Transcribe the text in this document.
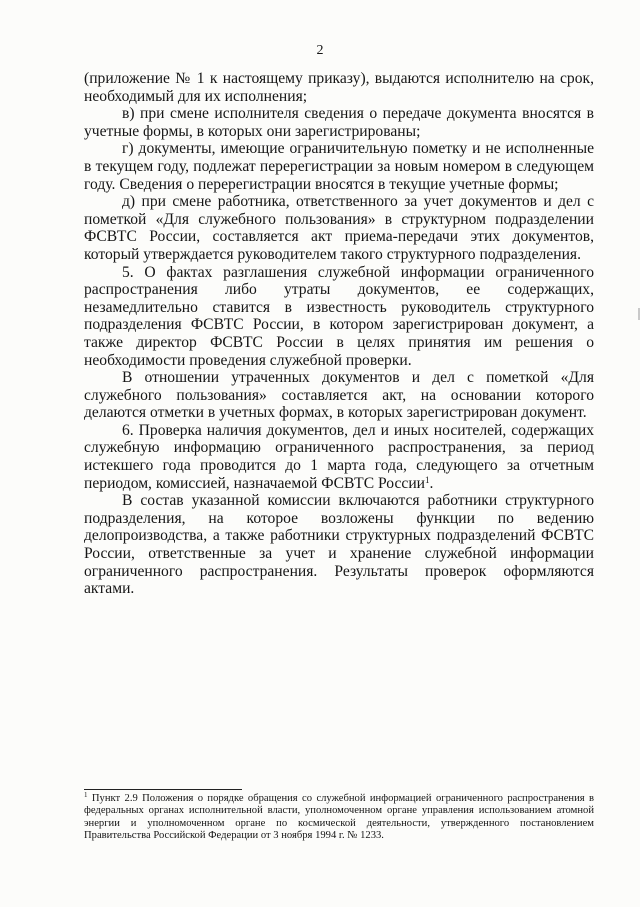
2

(приложение № 1 к настоящему приказу), выдаются исполнителю на срок, необходимый для их исполнения;

в) при смене исполнителя сведения о передаче документа вносятся в учетные формы, в которых они зарегистрированы;

г) документы, имеющие ограничительную пометку и не исполненные в текущем году, подлежат перерегистрации за новым номером в следующем году. Сведения о перерегистрации вносятся в текущие учетные формы;

д) при смене работника, ответственного за учет документов и дел с пометкой «Для служебного пользования» в структурном подразделении ФСВТС России, составляется акт приема-передачи этих документов, который утверждается руководителем такого структурного подразделения.

5. О фактах разглашения служебной информации ограниченного распространения либо утраты документов, ее содержащих, незамедлительно ставится в известность руководитель структурного подразделения ФСВТС России, в котором зарегистрирован документ, а также директор ФСВТС России в целях принятия им решения о необходимости проведения служебной проверки.

В отношении утраченных документов и дел с пометкой «Для служебного пользования» составляется акт, на основании которого делаются отметки в учетных формах, в которых зарегистрирован документ.

6. Проверка наличия документов, дел и иных носителей, содержащих служебную информацию ограниченного распространения, за период истекшего года проводится до 1 марта года, следующего за отчетным периодом, комиссией, назначаемой ФСВТС России$^1$.

В состав указанной комиссии включаются работники структурного подразделения, на которое возложены функции по ведению делопроизводства, а также работники структурных подразделений ФСВТС России, ответственные за учет и хранение служебной информации ограниченного распространения. Результаты проверок оформляются актами.

$^1$ Пункт 2.9 Положения о порядке обращения со служебной информацией ограниченного распространения в федеральных органах исполнительной власти, уполномоченном органе управления использованием атомной энергии и уполномоченном органе по космической деятельности, утвержденного постановлением Правительства Российской Федерации от 3 ноября 1994 г. № 1233.
